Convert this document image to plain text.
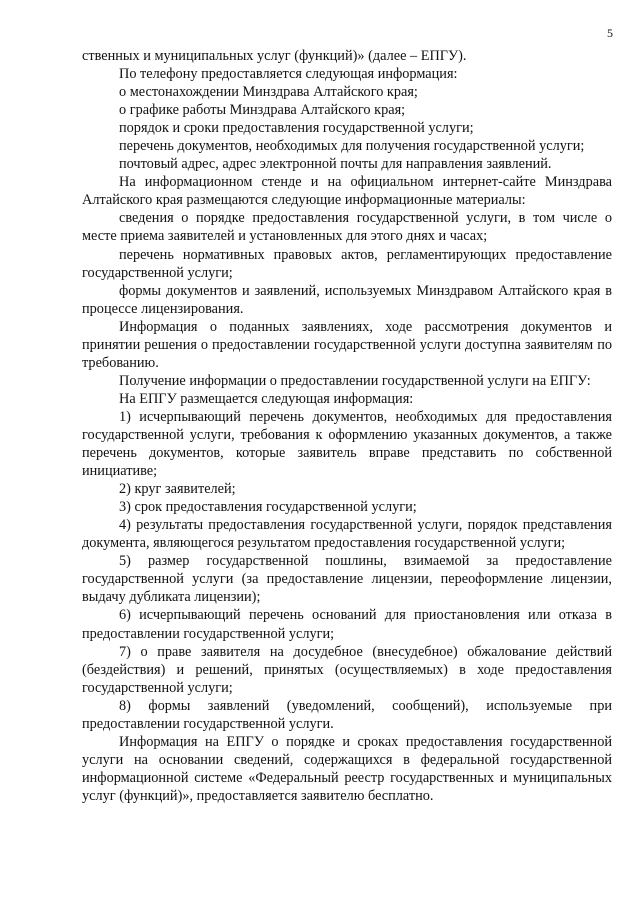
5

ственных и муниципальных услуг (функций)» (далее – ЕПГУ).

По телефону предоставляется следующая информация:

о местонахождении Минздрава Алтайского края;

о графике работы Минздрава Алтайского края;

порядок и сроки предоставления государственной услуги;

перечень документов, необходимых для получения государственной услуги;

почтовый адрес, адрес электронной почты для направления заявлений.

На информационном стенде и на официальном интернет-сайте Минздрава Алтайского края размещаются следующие информационные материалы:

сведения о порядке предоставления государственной услуги, в том числе о месте приема заявителей и установленных для этого днях и часах;

перечень нормативных правовых актов, регламентирующих предоставление государственной услуги;

формы документов и заявлений, используемых Минздравом Алтайского края в процессе лицензирования.

Информация о поданных заявлениях, ходе рассмотрения документов и принятии решения о предоставлении государственной услуги доступна заявителям по требованию.

Получение информации о предоставлении государственной услуги на ЕПГУ:

На ЕПГУ размещается следующая информация:

1) исчерпывающий перечень документов, необходимых для предоставления государственной услуги, требования к оформлению указанных документов, а также перечень документов, которые заявитель вправе представить по собственной инициативе;

2) круг заявителей;

3) срок предоставления государственной услуги;

4) результаты предоставления государственной услуги, порядок представления документа, являющегося результатом предоставления государственной услуги;

5) размер государственной пошлины, взимаемой за предоставление государственной услуги (за предоставление лицензии, переоформление лицензии, выдачу дубликата лицензии);

6) исчерпывающий перечень оснований для приостановления или отказа в предоставлении государственной услуги;

7) о праве заявителя на досудебное (внесудебное) обжалование действий (бездействия) и решений, принятых (осуществляемых) в ходе предоставления государственной услуги;

8) формы заявлений (уведомлений, сообщений), используемые при предоставлении государственной услуги.

Информация на ЕПГУ о порядке и сроках предоставления государственной услуги на основании сведений, содержащихся в федеральной государственной информационной системе «Федеральный реестр государственных и муниципальных услуг (функций)», предоставляется заявителю бесплатно.
